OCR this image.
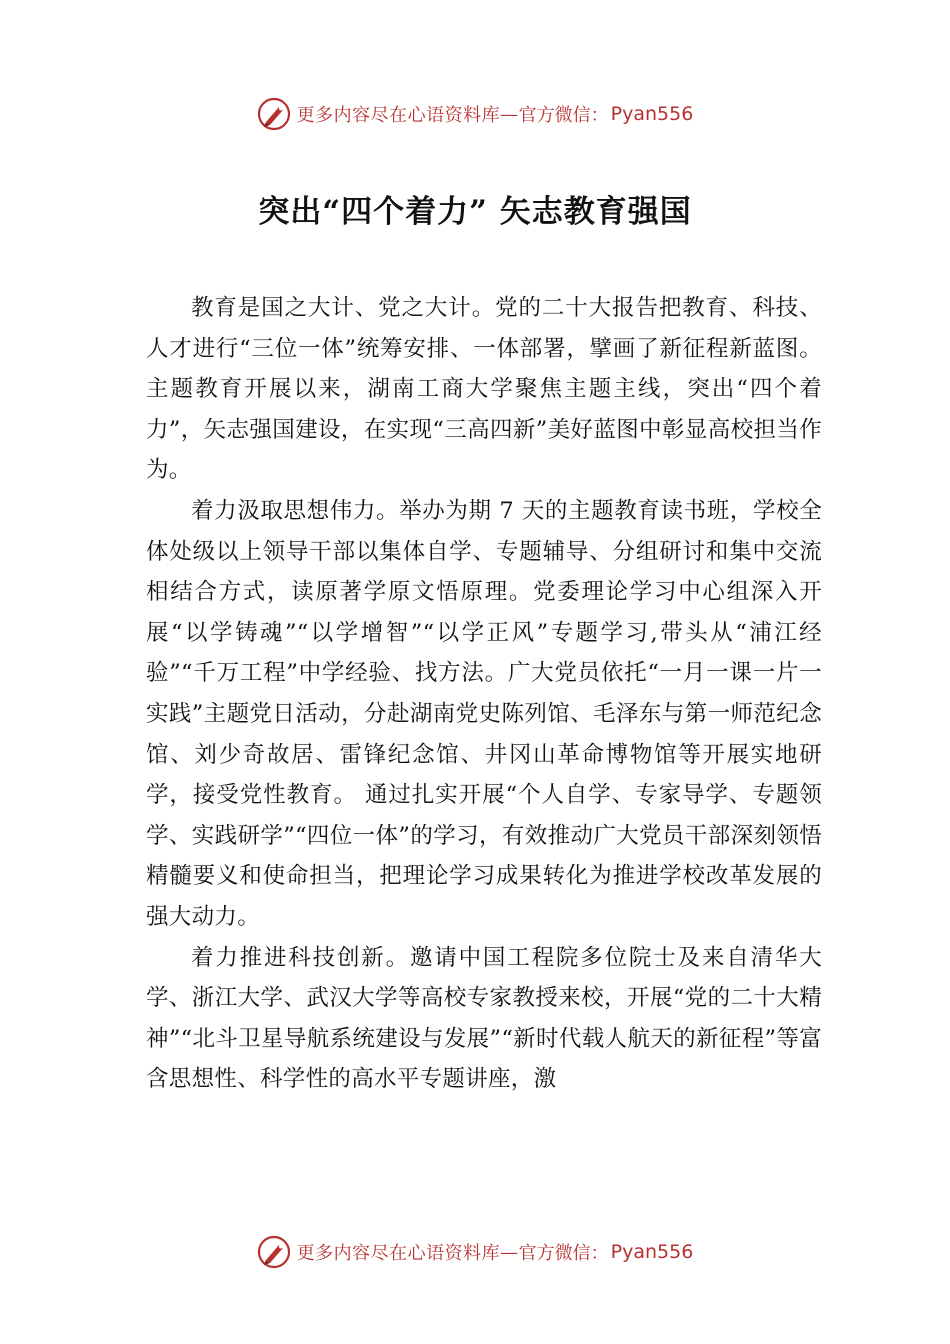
更多内容尽在心语资料库 — 官方微信： Pyan556
突出“四个着力” 矢志教育强国

教育是国之大计、党之大计。党的二十大报告把教育、科技、人才进行“三位一体”统筹安排、一体部署，擘画了新征程新蓝图。主题教育开展以来，湖南工商大学聚焦主题主线，突出“四个着力”，矢志强国建设，在实现“三高四新”美好蓝图中彰显高校担当作为。

着力汲取思想伟力。举办为期 7 天的主题教育读书班，学校全体处级以上领导干部以集体自学、专题辅导、分组研讨和集中交流相结合方式，读原著学原文悟原理。党委理论学习中心组深入开展“以学铸魂”“以学增智”“以学正风”专题学习,带头从“浦江经验”“千万工程”中学经验、找方法。广大党员依托“一月一课一片一实践”主题党日活动，分赴湖南党史陈列馆、毛泽东与第一师范纪念馆、刘少奇故居、雷锋纪念馆、井冈山革命博物馆等开展实地研学，接受党性教育。 通过扎实开展“个人自学、专家导学、专题领学、实践研学”“四位一体”的学习，有效推动广大党员干部深刻领悟精髓要义和使命担当，把理论学习成果转化为推进学校改革发展的强大动力。

着力推进科技创新。邀请中国工程院多位院士及来自清华大学、浙江大学、武汉大学等高校专家教授来校，开展“党的二十大精神”“北斗卫星导航系统建设与发展”“新时代载人航天的新征程”等富含思想性、科学性的高水平专题讲座，激

更多内容尽在心语资料库 — 官方微信： Pyan556
